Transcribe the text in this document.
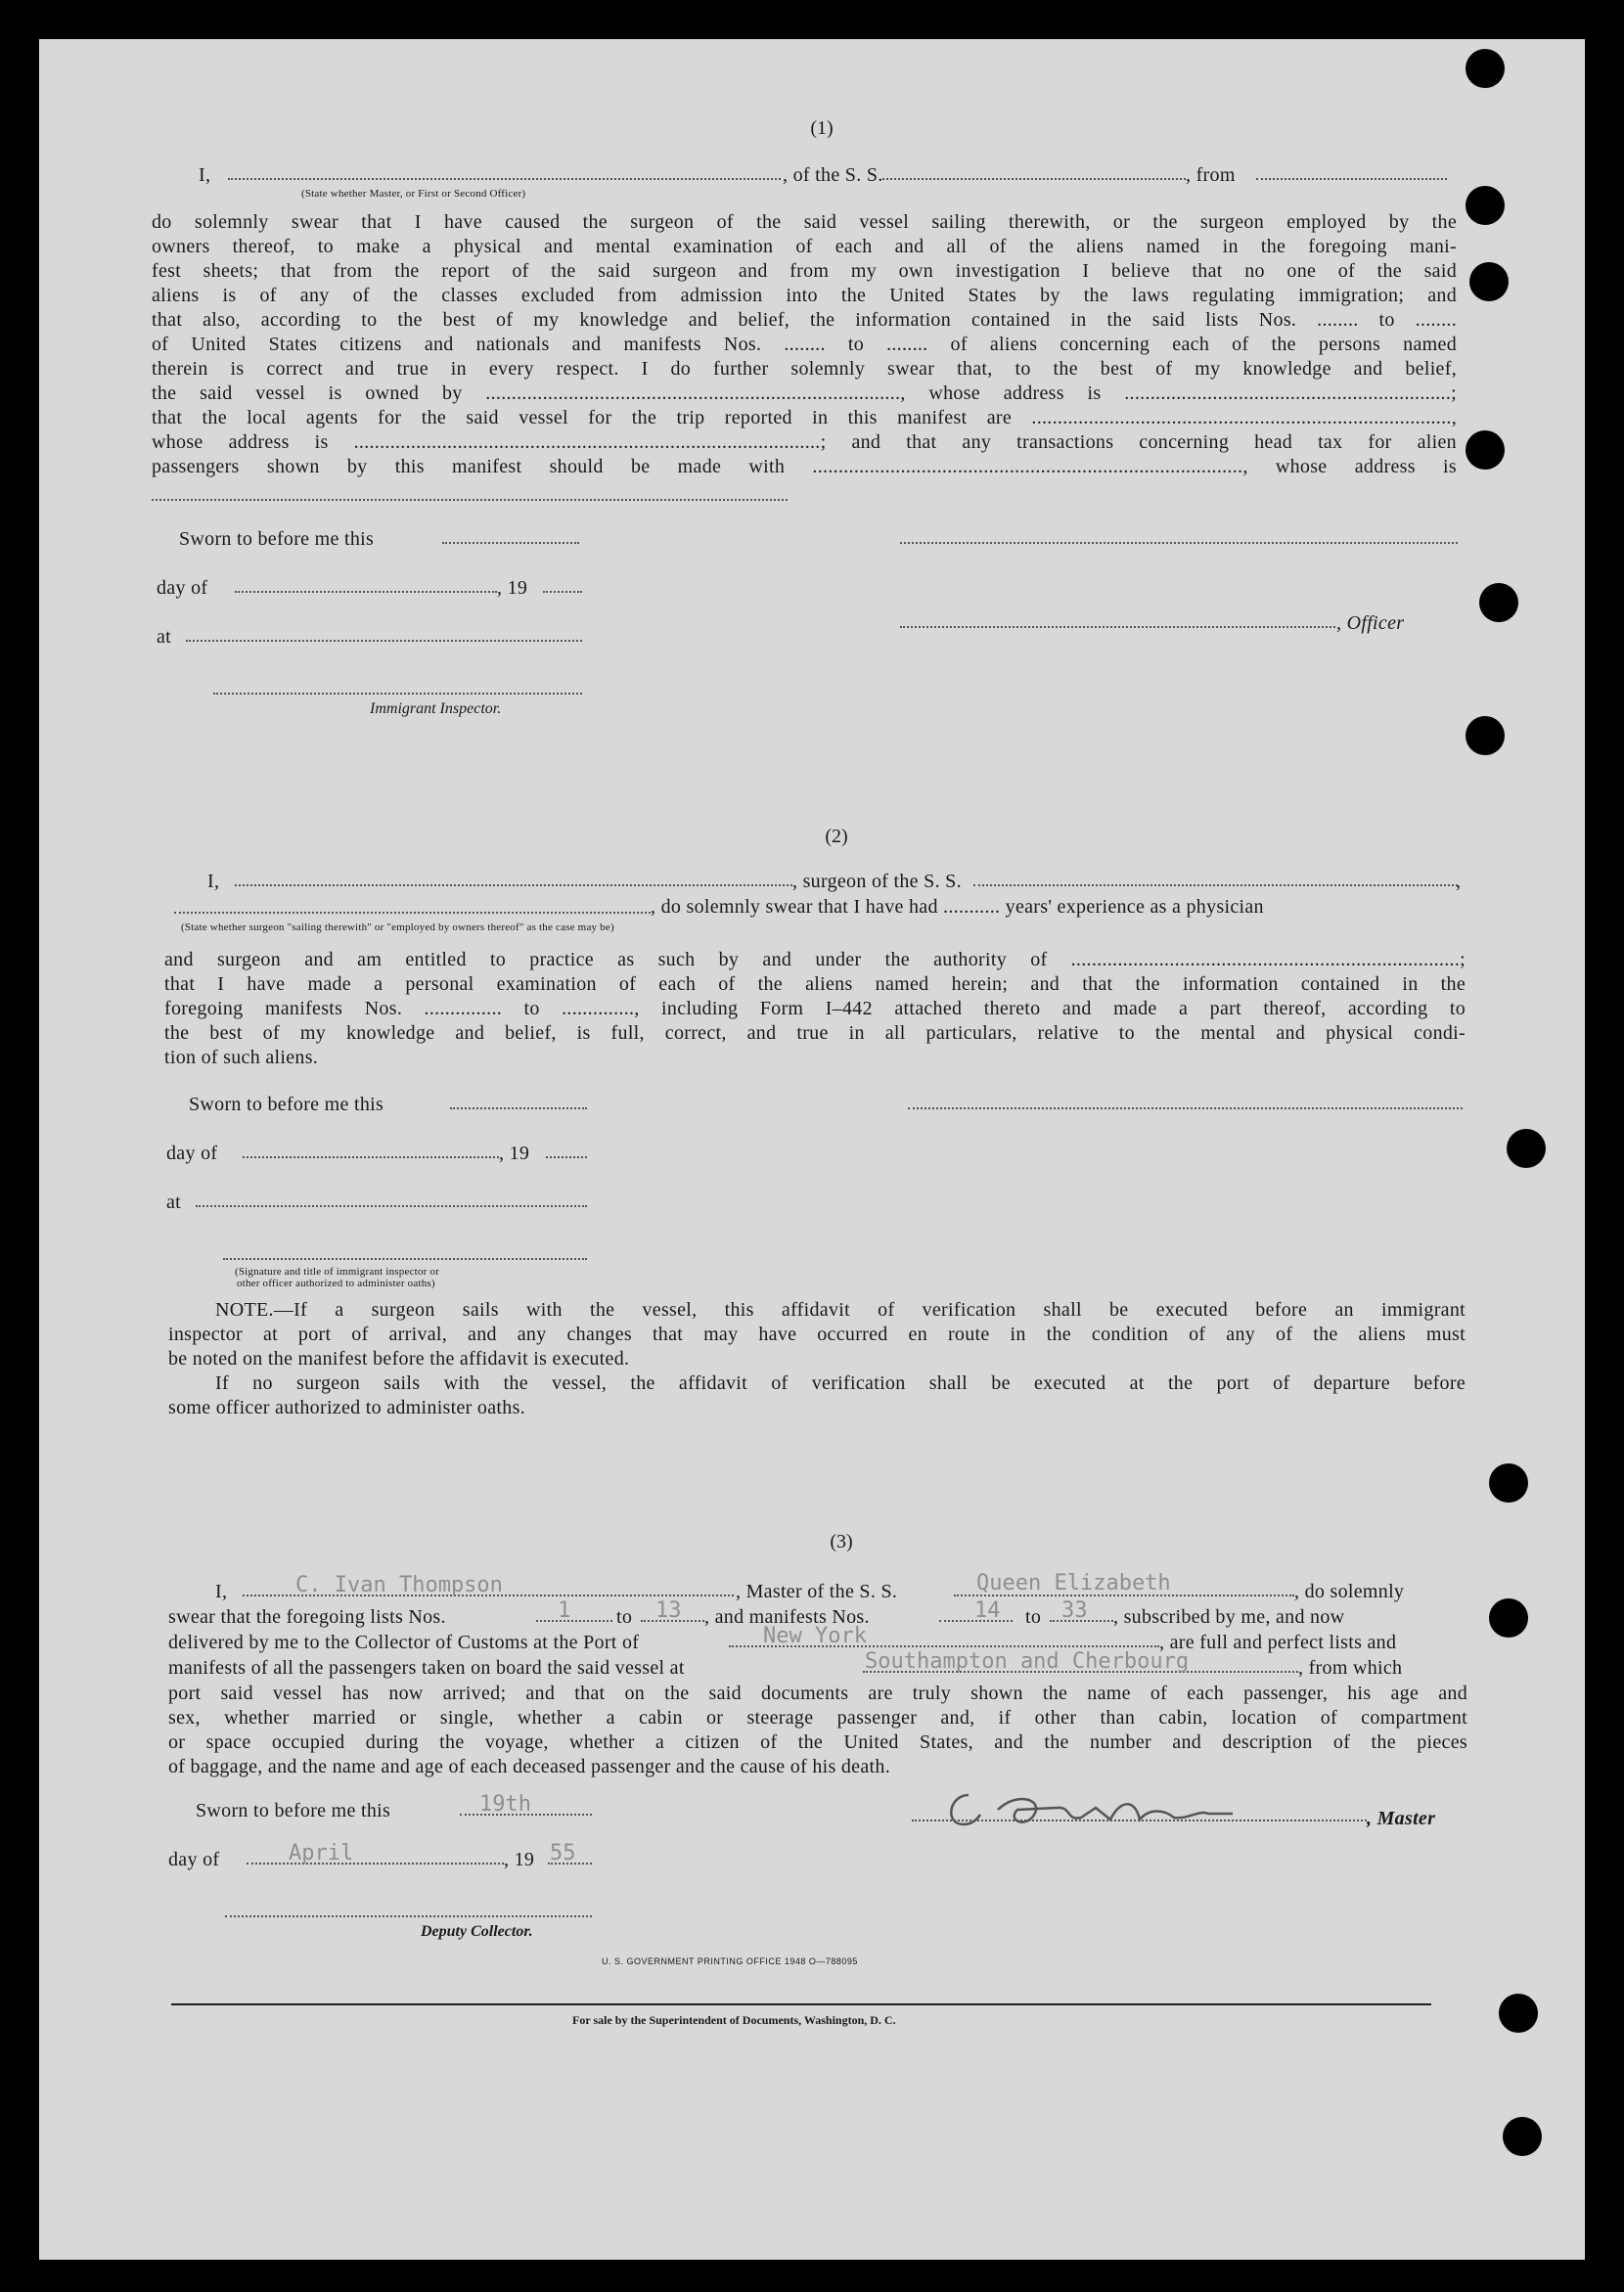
(1)
I,
(State whether Master, or First or Second Officer)
, of the S. S.	, from
do solemnly swear that I have caused the surgeon of the said vessel sailing therewith, or the surgeon employed by the
owners thereof, to make a physical and mental examination of each and all of the aliens named in the foregoing mani-
fest sheets; that from the report of the said surgeon and from my own investigation I believe that no one of the said
aliens is of any of the classes excluded from admission into the United States by the laws regulating immigration; and
that also, according to the best of my knowledge and belief, the information contained in the said lists Nos. ........ to ........
of United States citizens and nationals and manifests Nos. ........ to ........ of aliens concerning each of the persons named
therein is correct and true in every respect. I do further solemnly swear that, to the best of my knowledge and belief,
the said vessel is owned by ................................................................................, whose address is ...............................................................;
that the local agents for the said vessel for the trip reported in this manifest are .................................................................................,
whose address is ..........................................................................................; and that any transactions concerning head tax for alien
passengers shown by this manifest should be made with ..................................................................................., whose address is
Sworn to before me this
day of	, 19
, Officer
at
Immigrant Inspector.
(2)
I,	, surgeon of the S. S.	,
, do solemnly swear that I have had ........... years' experience as a physician
(State whether surgeon "sailing therewith" or "employed by owners thereof" as the case may be)
and surgeon and am entitled to practice as such by and under the authority of ...........................................................................;
that I have made a personal examination of each of the aliens named herein; and that the information contained in the
foregoing manifests Nos. ............... to .............., including Form I–442 attached thereto and made a part thereof, according to
the best of my knowledge and belief, is full, correct, and true in all particulars, relative to the mental and physical condi-
tion of such aliens.
Sworn to before me this
day of	, 19
at
(Signature and title of immigrant inspector or
other officer authorized to administer oaths)
NOTE.—If a surgeon sails with the vessel, this affidavit of verification shall be executed before an immigrant
inspector at port of arrival, and any changes that may have occurred en route in the condition of any of the aliens must
be noted on the manifest before the affidavit is executed.
If no surgeon sails with the vessel, the affidavit of verification shall be executed at the port of departure before
some officer authorized to administer oaths.
(3)
I,	C. Ivan Thompson	, Master of the S. S.	Queen Elizabeth	, do solemnly
swear that the foregoing lists Nos.	1 to 13 , and manifests Nos.	14 to 33 , subscribed by me, and now
delivered by me to the Collector of Customs at the Port of	New York	, are full and perfect lists and
manifests of all the passengers taken on board the said vessel at	Southampton and Cherbourg	, from which
port said vessel has now arrived; and that on the said documents are truly shown the name of each passenger, his age and
sex, whether married or single, whether a cabin or steerage passenger and, if other than cabin, location of compartment
or space occupied during the voyage, whether a citizen of the United States, and the number and description of the pieces
of baggage, and the name and age of each deceased passenger and the cause of his death.
Sworn to before me this	19th
, Master
day of	April	, 19 55
Deputy Collector.
U. S. GOVERNMENT PRINTING OFFICE 1948 O—788095
For sale by the Superintendent of Documents, Washington, D. C.
